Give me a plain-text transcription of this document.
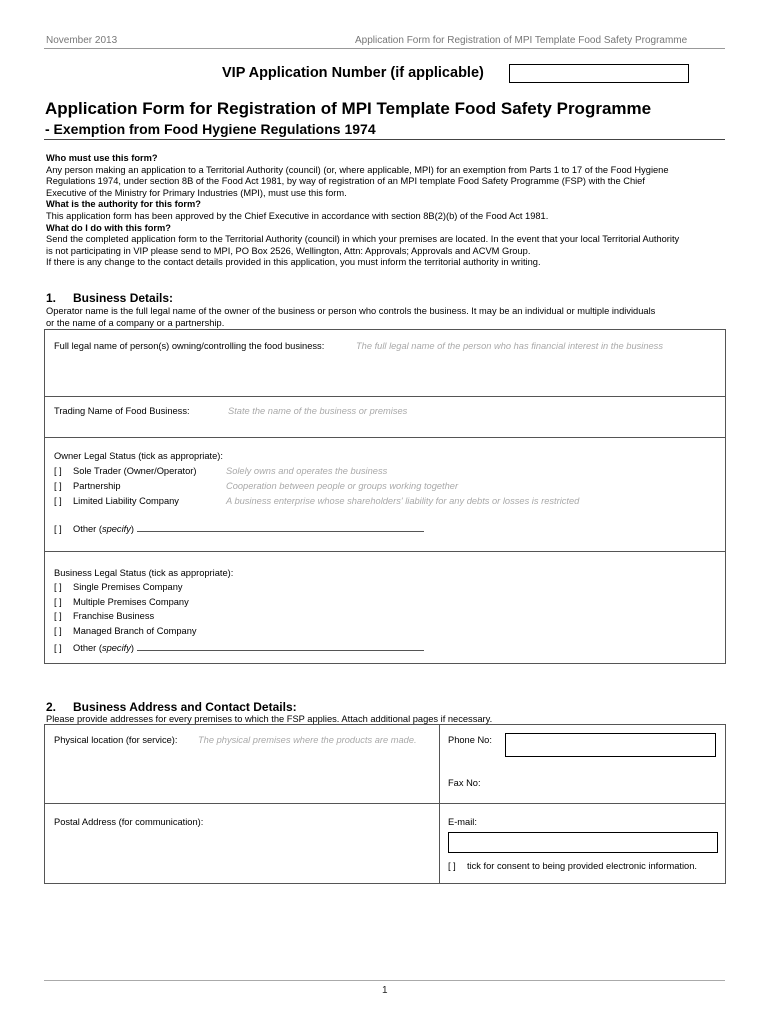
November 2013	Application Form for Registration of MPI Template Food Safety Programme
VIP Application Number (if applicable)
Application Form for Registration of MPI Template Food Safety Programme
- Exemption from Food Hygiene Regulations 1974
Who must use this form?
Any person making an application to a Territorial Authority (council) (or, where applicable, MPI) for an exemption from Parts 1 to 17 of the Food Hygiene
Regulations 1974, under section 8B of the Food Act 1981, by way of registration of an MPI template Food Safety Programme (FSP) with the Chief
Executive of the Ministry for Primary Industries (MPI), must use this form.
What is the authority for this form?
This application form has been approved by the Chief Executive in accordance with section 8B(2)(b) of the Food Act 1981.
What do I do with this form?
Send the completed application form to the Territorial Authority (council) in which your premises are located. In the event that your local Territorial Authority
is not participating in VIP please send to MPI, PO Box 2526, Wellington, Attn: Approvals; Approvals and ACVM Group.
If there is any change to the contact details provided in this application, you must inform the territorial authority in writing.
1. Business Details:
Operator name is the full legal name of the owner of the business or person who controls the business. It may be an individual or multiple individuals
or the name of a company or a partnership.
Full legal name of person(s) owning/controlling the food business:	The full legal name of the person who has financial interest in the business
Trading Name of Food Business:	State the name of the business or premises
Owner Legal Status (tick as appropriate):
[ ] Sole Trader (Owner/Operator)	Solely owns and operates the business
[ ] Partnership	Cooperation between people or groups working together
[ ] Limited Liability Company	A business enterprise whose shareholders' liability for any debts or losses is restricted
[ ] Other (specify)
Business Legal Status (tick as appropriate):
[ ] Single Premises Company
[ ] Multiple Premises Company
[ ] Franchise Business
[ ] Managed Branch of Company
[ ] Other (specify)
2. Business Address and Contact Details:
Please provide addresses for every premises to which the FSP applies. Attach additional pages if necessary.
Physical location (for service): The physical premises where the products are made.	Phone No:
Fax No:
Postal Address (for communication):	E-mail:
[ ] tick for consent to being provided electronic information.
1
